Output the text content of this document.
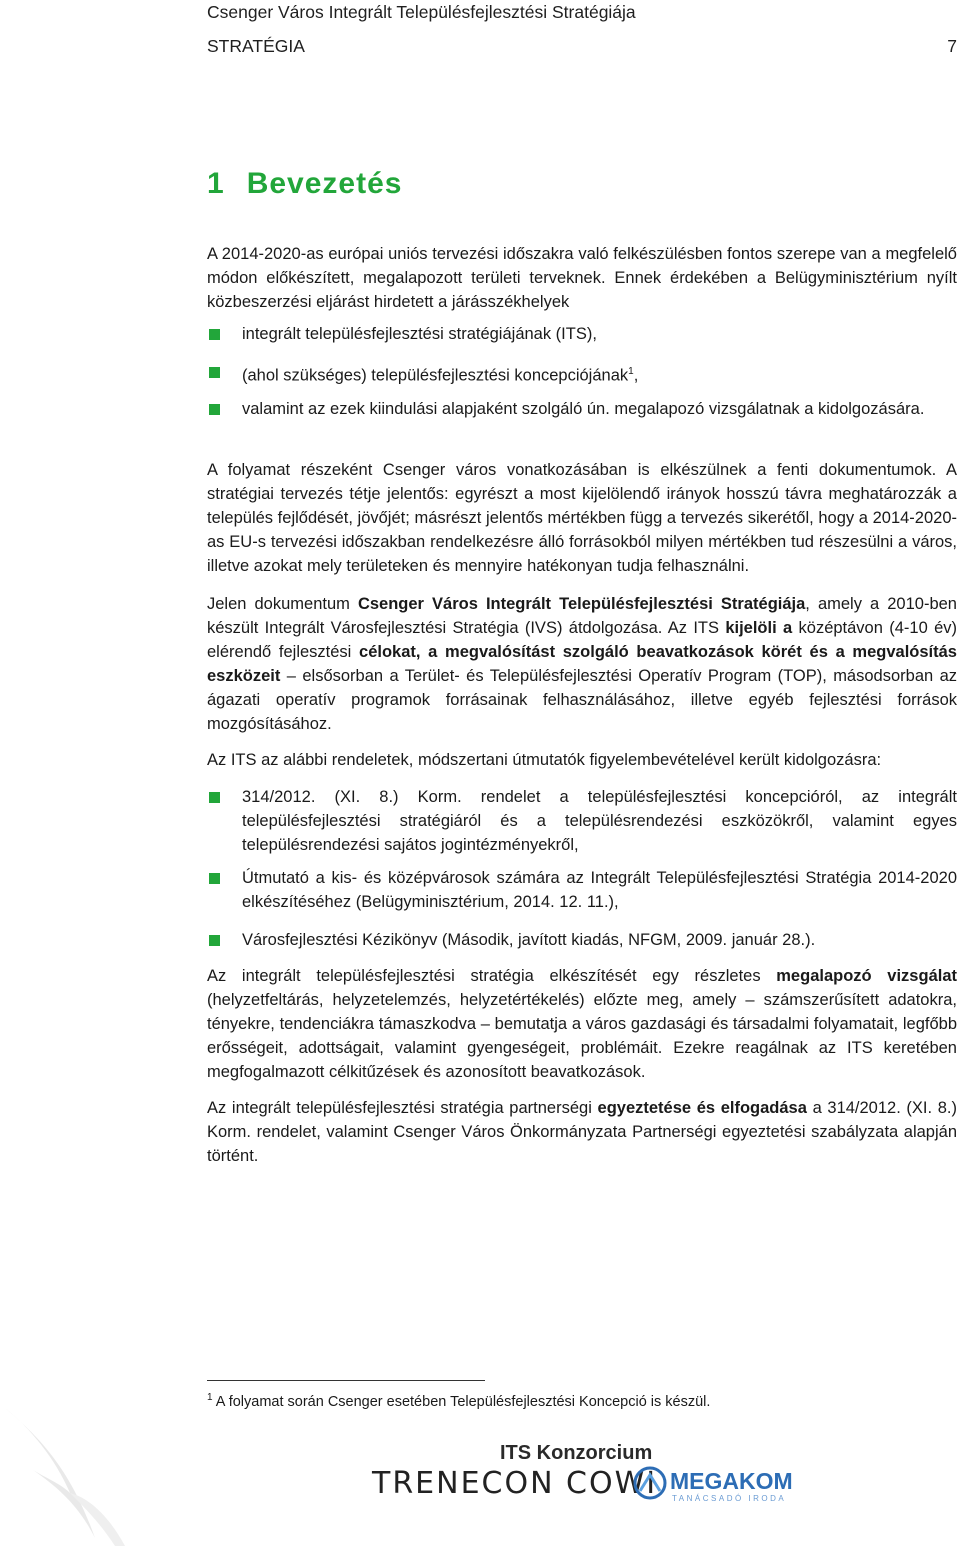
Csenger Város Integrált Településfejlesztési Stratégiája
STRATÉGIA	7
1 Bevezetés
A 2014-2020-as európai uniós tervezési időszakra való felkészülésben fontos szerepe van a megfelelő módon előkészített, megalapozott területi terveknek. Ennek érdekében a Belügyminisztérium nyílt közbeszerzési eljárást hirdetett a járásszékhelyek
integrált településfejlesztési stratégiájának (ITS),
(ahol szükséges) településfejlesztési koncepciójának$^1$,
valamint az ezek kiindulási alapjaként szolgáló ún. megalapozó vizsgálatnak a kidolgozására.
A folyamat részeként Csenger város vonatkozásában is elkészülnek a fenti dokumentumok. A stratégiai tervezés tétje jelentős: egyrészt a most kijelölendő irányok hosszú távra meghatározzák a település fejlődését, jövőjét; másrészt jelentős mértékben függ a tervezés sikerétől, hogy a 2014-2020-as EU-s tervezési időszakban rendelkezésre álló forrásokból milyen mértékben tud részesülni a város, illetve azokat mely területeken és mennyire hatékonyan tudja felhasználni.
Jelen dokumentum Csenger Város Integrált Településfejlesztési Stratégiája, amely a 2010-ben készült Integrált Városfejlesztési Stratégia (IVS) átdolgozása. Az ITS kijelöli a középtávon (4-10 év) elérendő fejlesztési célokat, a megvalósítást szolgáló beavatkozások körét és a megvalósítás eszközeit – elsősorban a Terület- és Településfejlesztési Operatív Program (TOP), másodsorban az ágazati operatív programok forrásainak felhasználásához, illetve egyéb fejlesztési források mozgósításához.
Az ITS az alábbi rendeletek, módszertani útmutatók figyelembevételével került kidolgozásra:
314/2012. (XI. 8.) Korm. rendelet a településfejlesztési koncepcióról, az integrált településfejlesztési stratégiáról és a településrendezési eszközökről, valamint egyes településrendezési sajátos jogintézményekről,
Útmutató a kis- és középvárosok számára az Integrált Településfejlesztési Stratégia 2014-2020 elkészítéséhez (Belügyminisztérium, 2014. 12. 11.),
Városfejlesztési Kézikönyv (Második, javított kiadás, NFGM, 2009. január 28.).
Az integrált településfejlesztési stratégia elkészítését egy részletes megalapozó vizsgálat (helyzetfeltárás, helyzetelemzés, helyzetértékelés) előzte meg, amely – számszerűsített adatokra, tényekre, tendenciákra támaszkodva – bemutatja a város gazdasági és társadalmi folyamatait, legfőbb erősségeit, adottságait, valamint gyengeségeit, problémáit. Ezekre reagálnak az ITS keretében megfogalmazott célkitűzések és azonosított beavatkozások.
Az integrált településfejlesztési stratégia partnerségi egyeztetése és elfogadása a 314/2012. (XI. 8.) Korm. rendelet, valamint Csenger Város Önkormányzata Partnerségi egyeztetési szabályzata alapján történt.
$^1$ A folyamat során Csenger esetében Településfejlesztési Koncepció is készül.
ITS Konzorcium
TRENECON COWI MEGAKOM
TANÁCSADÓ IRODA
